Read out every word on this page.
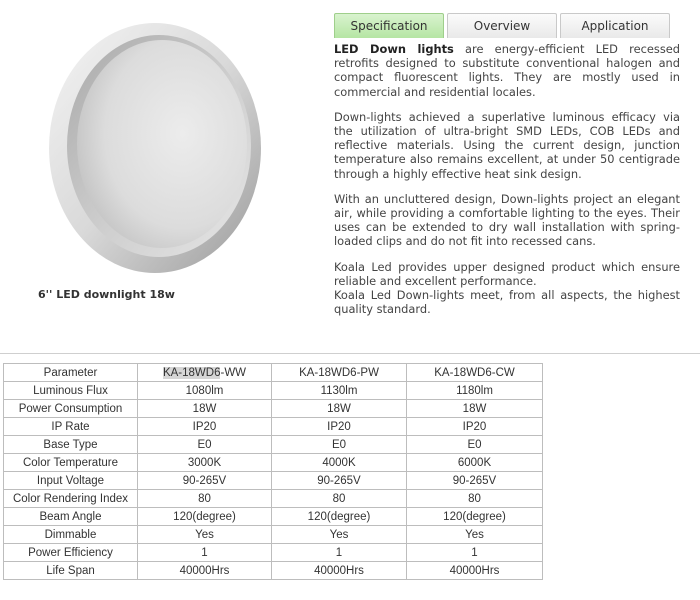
6'' LED downlight 18w
Specification	Overview	Application

LED Down lights are energy-efficient LED recessed retrofits designed to substitute conventional halogen and compact fluorescent lights. They are mostly used in commercial and residential locales.

Down-lights achieved a superlative luminous efficacy via the utilization of ultra-bright SMD LEDs, COB LEDs and reflective materials. Using the current design, junction temperature also remains excellent, at under 50 centigrade through a highly effective heat sink design.

With an uncluttered design, Down-lights project an elegant air, while providing a comfortable lighting to the eyes. Their uses can be extended to dry wall installation with spring-loaded clips and do not fit into recessed cans.

Koala Led provides upper designed product which ensure reliable and excellent performance.

Koala Led Down-lights meet, from all aspects, the highest quality standard.

Parameter	KA-18WD6-WW	KA-18WD6-PW	KA-18WD6-CW
Luminous Flux	1080lm	1130lm	1180lm
Power Consumption	18W	18W	18W
IP Rate	IP20	IP20	IP20
Base Type	E0	E0	E0
Color Temperature	3000K	4000K	6000K
Input Voltage	90-265V	90-265V	90-265V
Color Rendering Index	80	80	80
Beam Angle	120(degree)	120(degree)	120(degree)
Dimmable	Yes	Yes	Yes
Power Efficiency	1	1	1
Life Span	40000Hrs	40000Hrs	40000Hrs
